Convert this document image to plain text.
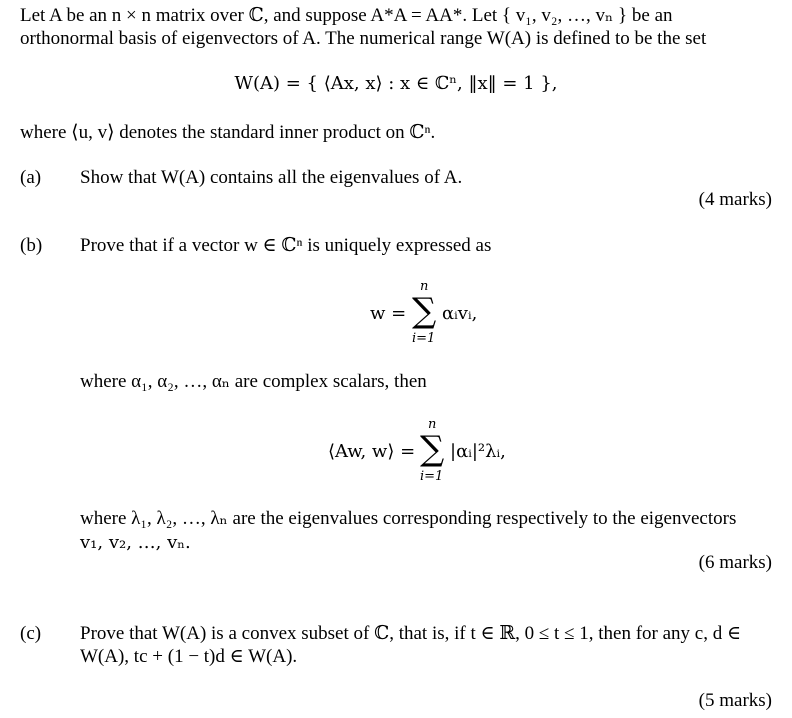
Let A be an n × n matrix over ℂ, and suppose A*A = AA*. Let { v₁, v₂, …, vₙ } be an
orthonormal basis of eigenvectors of A. The numerical range W(A) is defined to be the set
W(A) = { ⟨Ax, x⟩ : x ∈ ℂⁿ, ‖x‖ = 1 },
where ⟨u, v⟩ denotes the standard inner product on ℂⁿ.
(a) Show that W(A) contains all the eigenvalues of A.
(4 marks)
(b) Prove that if a vector w ∈ ℂⁿ is uniquely expressed as
w =
n
∑
i=1
αᵢvᵢ,
where α₁, α₂, …, αₙ are complex scalars, then
⟨Aw, w⟩ =
n
∑
i=1
|αᵢ|²λᵢ,
where λ₁, λ₂, …, λₙ are the eigenvalues corresponding respectively to the eigenvectors
v₁, v₂, …, vₙ.
(6 marks)
(c) Prove that W(A) is a convex subset of ℂ, that is, if t ∈ ℝ, 0 ≤ t ≤ 1, then for any c, d ∈
W(A), tc + (1 − t)d ∈ W(A).
(5 marks)
